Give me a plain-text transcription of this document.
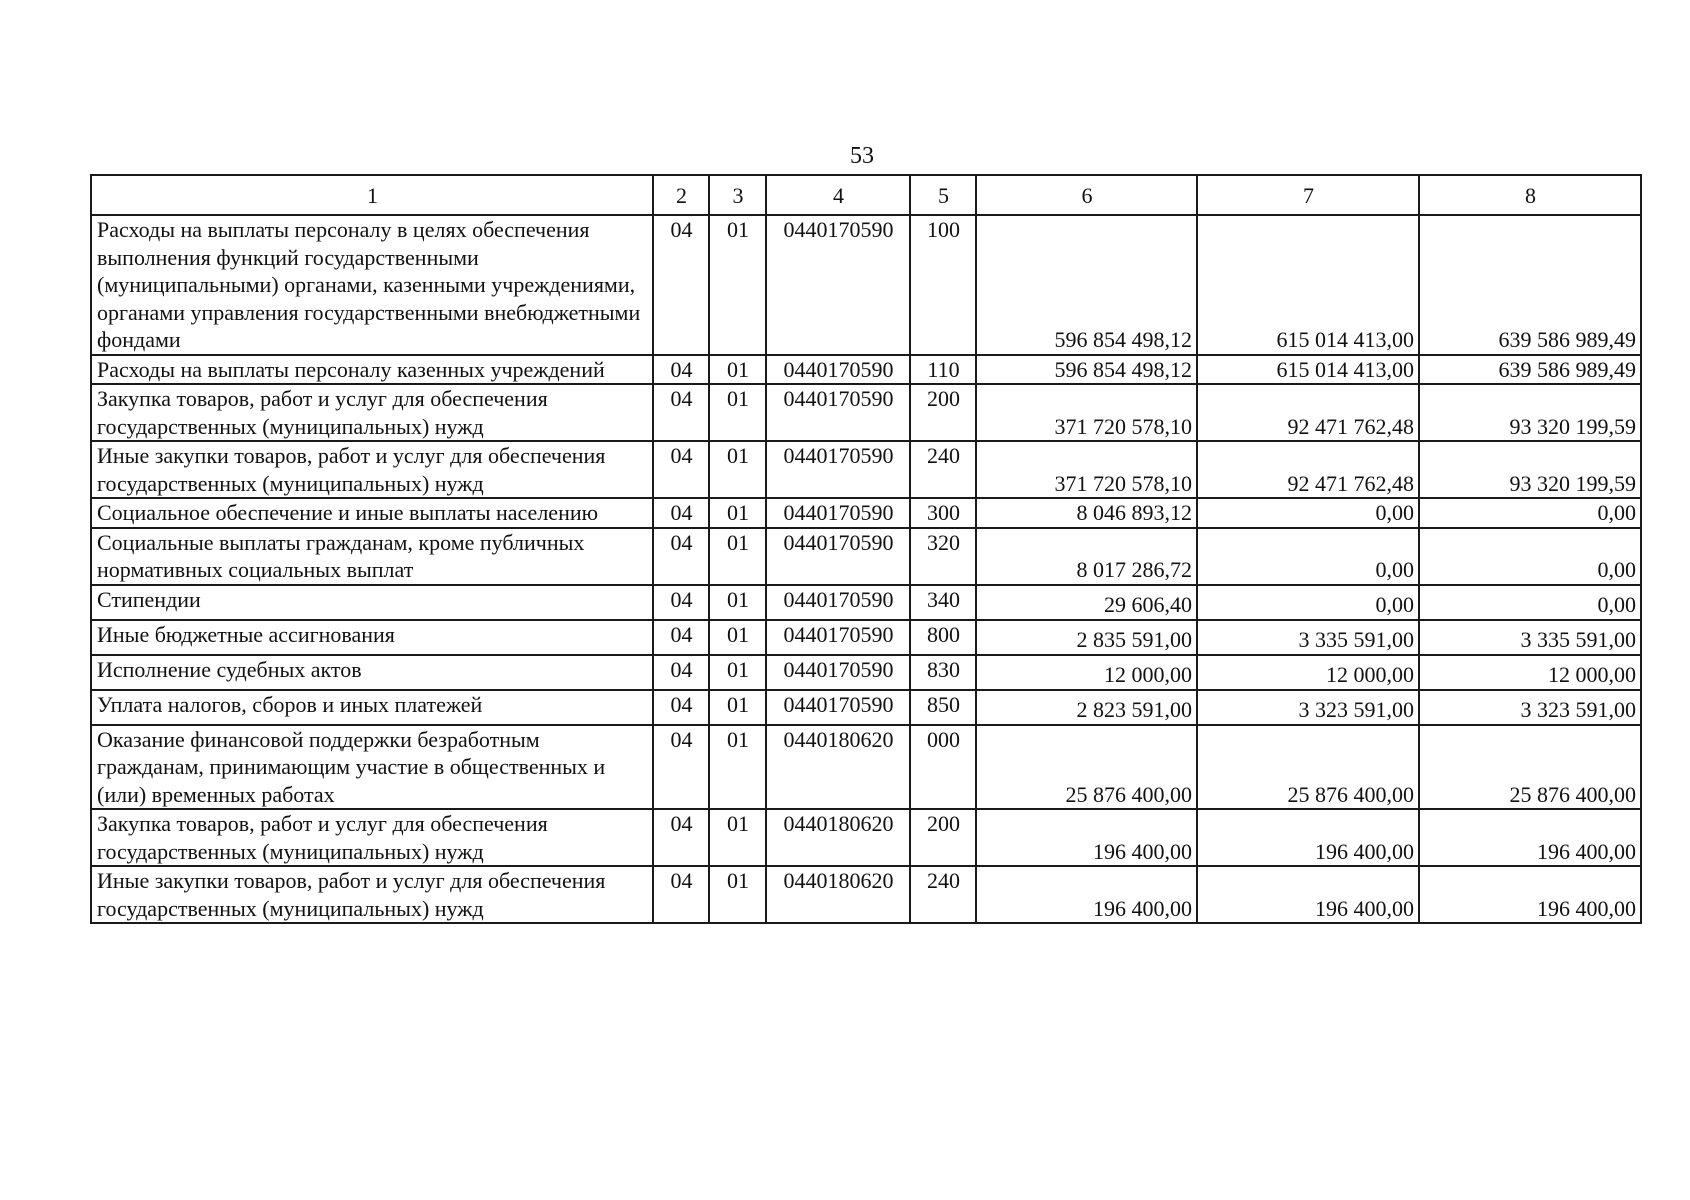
53
1	2	3	4	5	6	7	8
Расходы на выплаты персоналу в целях обеспечения выполнения функций государственными (муниципальными) органами, казенными учреждениями, органами управления государственными внебюджетными фондами	04	01	0440170590	100	596 854 498,12	615 014 413,00	639 586 989,49
Расходы на выплаты персоналу казенных учреждений	04	01	0440170590	110	596 854 498,12	615 014 413,00	639 586 989,49
Закупка товаров, работ и услуг для обеспечения государственных (муниципальных) нужд	04	01	0440170590	200	371 720 578,10	92 471 762,48	93 320 199,59
Иные закупки товаров, работ и услуг для обеспечения государственных (муниципальных) нужд	04	01	0440170590	240	371 720 578,10	92 471 762,48	93 320 199,59
Социальное обеспечение и иные выплаты населению	04	01	0440170590	300	8 046 893,12	0,00	0,00
Социальные выплаты гражданам, кроме публичных нормативных социальных выплат	04	01	0440170590	320	8 017 286,72	0,00	0,00
Стипендии	04	01	0440170590	340	29 606,40	0,00	0,00
Иные бюджетные ассигнования	04	01	0440170590	800	2 835 591,00	3 335 591,00	3 335 591,00
Исполнение судебных актов	04	01	0440170590	830	12 000,00	12 000,00	12 000,00
Уплата налогов, сборов и иных платежей	04	01	0440170590	850	2 823 591,00	3 323 591,00	3 323 591,00
Оказание финансовой поддержки безработным гражданам, принимающим участие в общественных и (или) временных работах	04	01	0440180620	000	25 876 400,00	25 876 400,00	25 876 400,00
Закупка товаров, работ и услуг для обеспечения государственных (муниципальных) нужд	04	01	0440180620	200	196 400,00	196 400,00	196 400,00
Иные закупки товаров, работ и услуг для обеспечения государственных (муниципальных) нужд	04	01	0440180620	240	196 400,00	196 400,00	196 400,00
